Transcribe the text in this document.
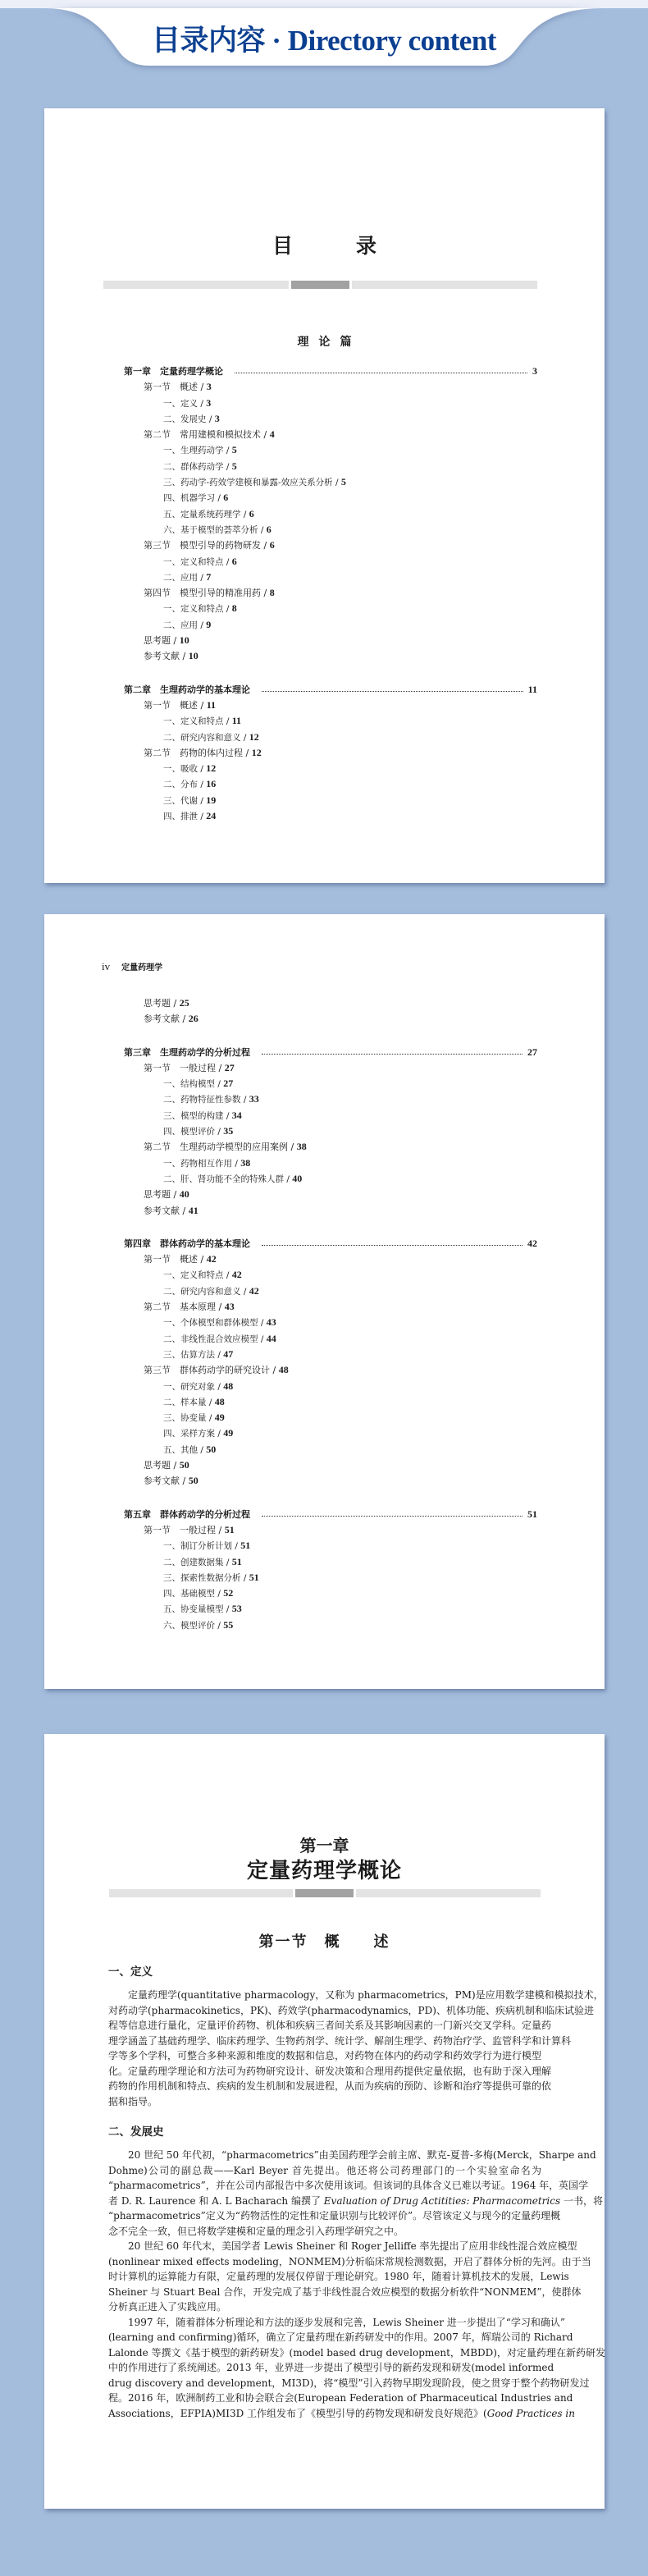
目录内容 · Directory content
目　录
理论篇
第一章　定量药理学概论	3
第一节　概述 / 3
一、定义 / 3
二、发展史 / 3
第二节　常用建模和模拟技术 / 4
一、生理药动学 / 5
二、群体药动学 / 5
三、药动学-药效学建模和暴露-效应关系分析 / 5
四、机器学习 / 6
五、定量系统药理学 / 6
六、基于模型的荟萃分析 / 6
第三节　模型引导的药物研发 / 6
一、定义和特点 / 6
二、应用 / 7
第四节　模型引导的精准用药 / 8
一、定义和特点 / 8
二、应用 / 9
思考题 / 10
参考文献 / 10
第二章　生理药动学的基本理论	11
第一节　概述 / 11
一、定义和特点 / 11
二、研究内容和意义 / 12
第二节　药物的体内过程 / 12
一、吸收 / 12
二、分布 / 16
三、代谢 / 19
四、排泄 / 24
iv 定量药理学
思考题 / 25
参考文献 / 26
第三章　生理药动学的分析过程	27
第一节　一般过程 / 27
一、结构模型 / 27
二、药物特征性参数 / 33
三、模型的构建 / 34
四、模型评价 / 35
第二节　生理药动学模型的应用案例 / 38
一、药物相互作用 / 38
二、肝、肾功能不全的特殊人群 / 40
思考题 / 40
参考文献 / 41
第四章　群体药动学的基本理论	42
第一节　概述 / 42
一、定义和特点 / 42
二、研究内容和意义 / 42
第二节　基本原理 / 43
一、个体模型和群体模型 / 43
二、非线性混合效应模型 / 44
三、估算方法 / 47
第三节　群体药动学的研究设计 / 48
一、研究对象 / 48
二、样本量 / 48
三、协变量 / 49
四、采样方案 / 49
五、其他 / 50
思考题 / 50
参考文献 / 50
第五章　群体药动学的分析过程	51
第一节　一般过程 / 51
一、制订分析计划 / 51
二、创建数据集 / 51
三、探索性数据分析 / 51
四、基础模型 / 52
五、协变量模型 / 53
六、模型评价 / 55
第一章
定量药理学概论
第一节　概　　述
一、定义
定量药理学(quantitative pharmacology，又称为 pharmacometrics，PM)是应用数学建模和模拟技术，
对药动学(pharmacokinetics，PK)、药效学(pharmacodynamics，PD)、机体功能、疾病机制和临床试验进
程等信息进行量化，定量评价药物、机体和疾病三者间关系及其影响因素的一门新兴交叉学科。定量药
理学涵盖了基础药理学、临床药理学、生物药剂学、统计学、解剖生理学、药物治疗学、监管科学和计算科
学等多个学科，可整合多种来源和维度的数据和信息，对药物在体内的药动学和药效学行为进行模型
化。定量药理学理论和方法可为药物研究设计、研发决策和合理用药提供定量依据，也有助于深入理解
药物的作用机制和特点、疾病的发生机制和发展进程，从而为疾病的预防、诊断和治疗等提供可靠的依
据和指导。
二、发展史
20 世纪 50 年代初，“pharmacometrics”由美国药理学会前主席、默克-夏普-多梅(Merck，Sharpe and
Dohme)公司的副总裁——Karl Beyer 首先提出。他还将公司药理部门的一个实验室命名为
“pharmacometrics”，并在公司内部报告中多次使用该词。但该词的具体含义已难以考证。1964 年，英国学
者 D. R. Laurence 和 A. L Bacharach 编撰了 Evaluation of Drug Actitities: Pharmacometrics 一书，将
“pharmacometrics”定义为“药物活性的定性和定量识别与比较评价”。尽管该定义与现今的定量药理概
念不完全一致，但已将数学建模和定量的理念引入药理学研究之中。
20 世纪 60 年代末，美国学者 Lewis Sheiner 和 Roger Jelliffe 率先提出了应用非线性混合效应模型
(nonlinear mixed effects modeling，NONMEM)分析临床常规检测数据，开启了群体分析的先河。由于当
时计算机的运算能力有限，定量药理的发展仅停留于理论研究。1980 年，随着计算机技术的发展，Lewis
Sheiner 与 Stuart Beal 合作，开发完成了基于非线性混合效应模型的数据分析软件“NONMEM”，使群体
分析真正进入了实践应用。
1997 年，随着群体分析理论和方法的逐步发展和完善，Lewis Sheiner 进一步提出了“学习和确认”
(learning and confirming)循环，确立了定量药理在新药研发中的作用。2007 年，辉瑞公司的 Richard
Lalonde 等撰文《基于模型的新药研发》(model based drug development，MBDD)，对定量药理在新药研发
中的作用进行了系统阐述。2013 年，业界进一步提出了模型引导的新药发现和研发(model informed
drug discovery and development，MI3D)，将“模型”引入药物早期发现阶段，使之贯穿于整个药物研发过
程。2016 年，欧洲制药工业和协会联合会(European Federation of Pharmaceutical Industries and
Associations，EFPIA)MI3D 工作组发布了《模型引导的药物发现和研发良好规范》(Good Practices in
